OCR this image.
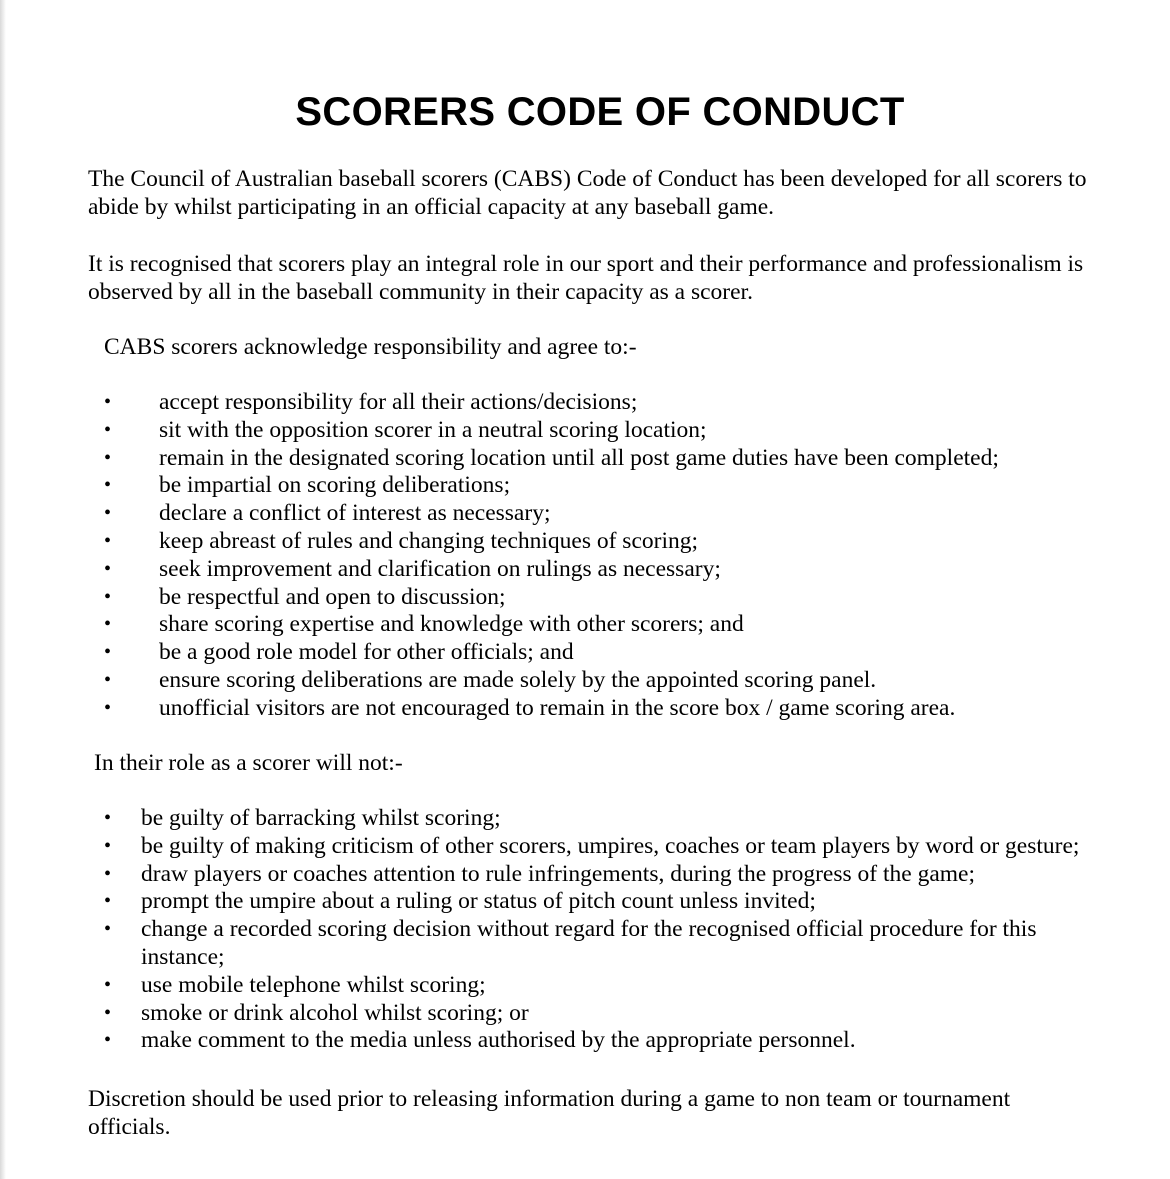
SCORERS CODE OF CONDUCT

The Council of Australian baseball scorers (CABS) Code of Conduct has been developed for all scorers to abide by whilst participating in an official capacity at any baseball game.

It is recognised that scorers play an integral role in our sport and their performance and professionalism is observed by all in the baseball community in their capacity as a scorer.

CABS scorers acknowledge responsibility and agree to:-

• accept responsibility for all their actions/decisions;
• sit with the opposition scorer in a neutral scoring location;
• remain in the designated scoring location until all post game duties have been completed;
• be impartial on scoring deliberations;
• declare a conflict of interest as necessary;
• keep abreast of rules and changing techniques of scoring;
• seek improvement and clarification on rulings as necessary;
• be respectful and open to discussion;
• share scoring expertise and knowledge with other scorers; and
• be a good role model for other officials; and
• ensure scoring deliberations are made solely by the appointed scoring panel.
• unofficial visitors are not encouraged to remain in the score box / game scoring area.

In their role as a scorer will not:-

• be guilty of barracking whilst scoring;
• be guilty of making criticism of other scorers, umpires, coaches or team players by word or gesture;
• draw players or coaches attention to rule infringements, during the progress of the game;
• prompt the umpire about a ruling or status of pitch count unless invited;
• change a recorded scoring decision without regard for the recognised official procedure for this instance;
• use mobile telephone whilst scoring;
• smoke or drink alcohol whilst scoring; or
• make comment to the media unless authorised by the appropriate personnel.

Discretion should be used prior to releasing information during a game to non team or tournament officials.
